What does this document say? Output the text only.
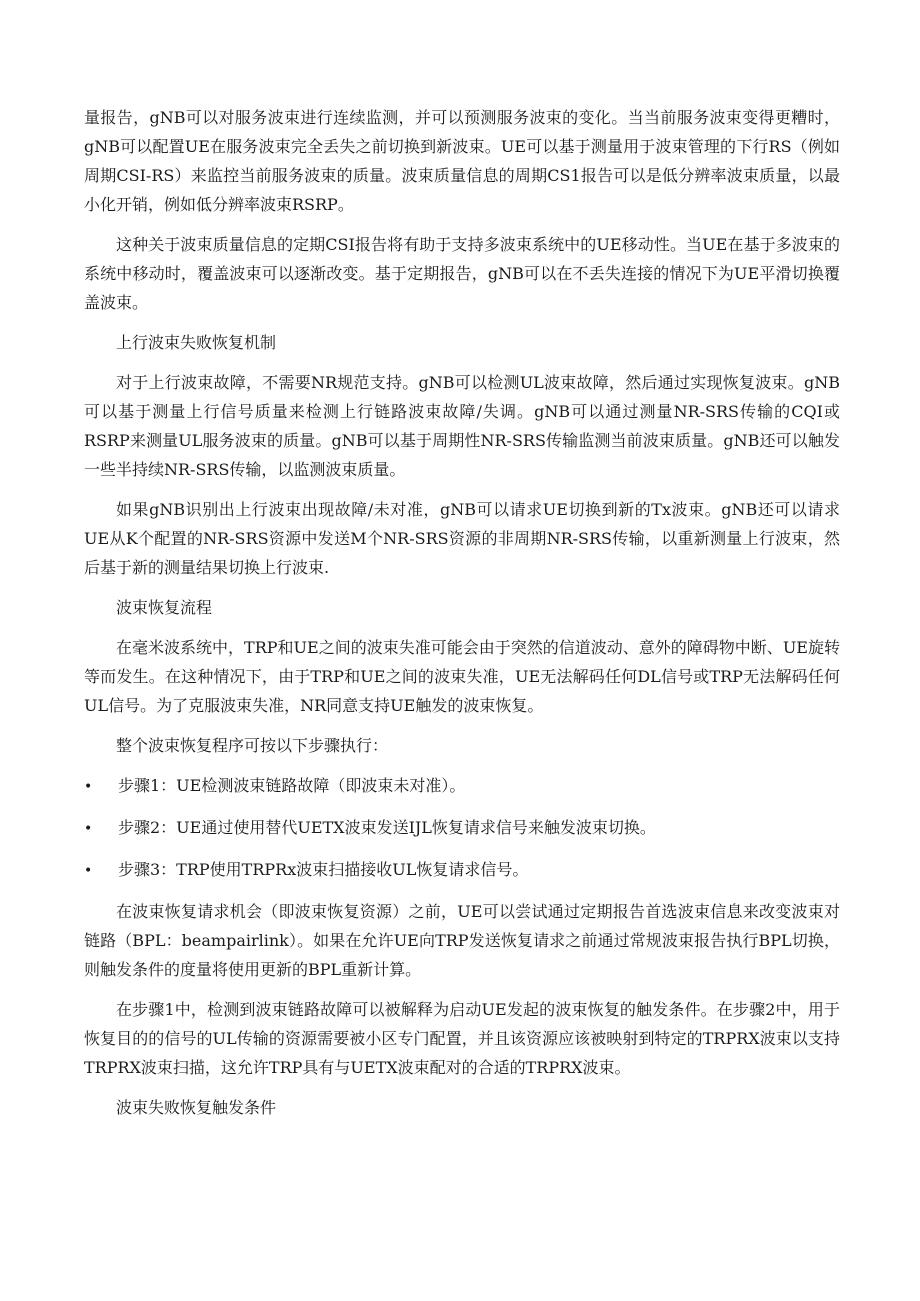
量报告，gNB可以对服务波束进行连续监测，并可以预测服务波束的变化。当当前服务波束变得更糟时，gNB可以配置UE在服务波束完全丢失之前切换到新波束。UE可以基于测量用于波束管理的下行RS（例如周期CSI-RS）来监控当前服务波束的质量。波束质量信息的周期CS1报告可以是低分辨率波束质量，以最小化开销，例如低分辨率波束RSRP。

这种关于波束质量信息的定期CSI报告将有助于支持多波束系统中的UE移动性。当UE在基于多波束的系统中移动时，覆盖波束可以逐渐改变。基于定期报告，gNB可以在不丢失连接的情况下为UE平滑切换覆盖波束。

上行波束失败恢复机制

对于上行波束故障，不需要NR规范支持。gNB可以检测UL波束故障，然后通过实现恢复波束。gNB可以基于测量上行信号质量来检测上行链路波束故障/失调。gNB可以通过测量NR-SRS传输的CQI或RSRP来测量UL服务波束的质量。gNB可以基于周期性NR-SRS传输监测当前波束质量。gNB还可以触发一些半持续NR-SRS传输，以监测波束质量。

如果gNB识别出上行波束出现故障/未对准，gNB可以请求UE切换到新的Tx波束。gNB还可以请求UE从K个配置的NR-SRS资源中发送M个NR-SRS资源的非周期NR-SRS传输，以重新测量上行波束，然后基于新的测量结果切换上行波束.

波束恢复流程

在毫米波系统中，TRP和UE之间的波束失准可能会由于突然的信道波动、意外的障碍物中断、UE旋转等而发生。在这种情况下，由于TRP和UE之间的波束失准，UE无法解码任何DL信号或TRP无法解码任何UL信号。为了克服波束失准，NR同意支持UE触发的波束恢复。

整个波束恢复程序可按以下步骤执行：

•	步骤1：UE检测波束链路故障（即波束未对准）。
•	步骤2：UE通过使用替代UETX波束发送IJL恢复请求信号来触发波束切换。
•	步骤3：TRP使用TRPRx波束扫描接收UL恢复请求信号。

在波束恢复请求机会（即波束恢复资源）之前，UE可以尝试通过定期报告首选波束信息来改变波束对链路（BPL：beampairlink）。如果在允许UE向TRP发送恢复请求之前通过常规波束报告执行BPL切换，则触发条件的度量将使用更新的BPL重新计算。

在步骤1中，检测到波束链路故障可以被解释为启动UE发起的波束恢复的触发条件。在步骤2中，用于恢复目的的信号的UL传输的资源需要被小区专门配置，并且该资源应该被映射到特定的TRPRX波束以支持TRPRX波束扫描，这允许TRP具有与UETX波束配对的合适的TRPRX波束。

波束失败恢复触发条件
